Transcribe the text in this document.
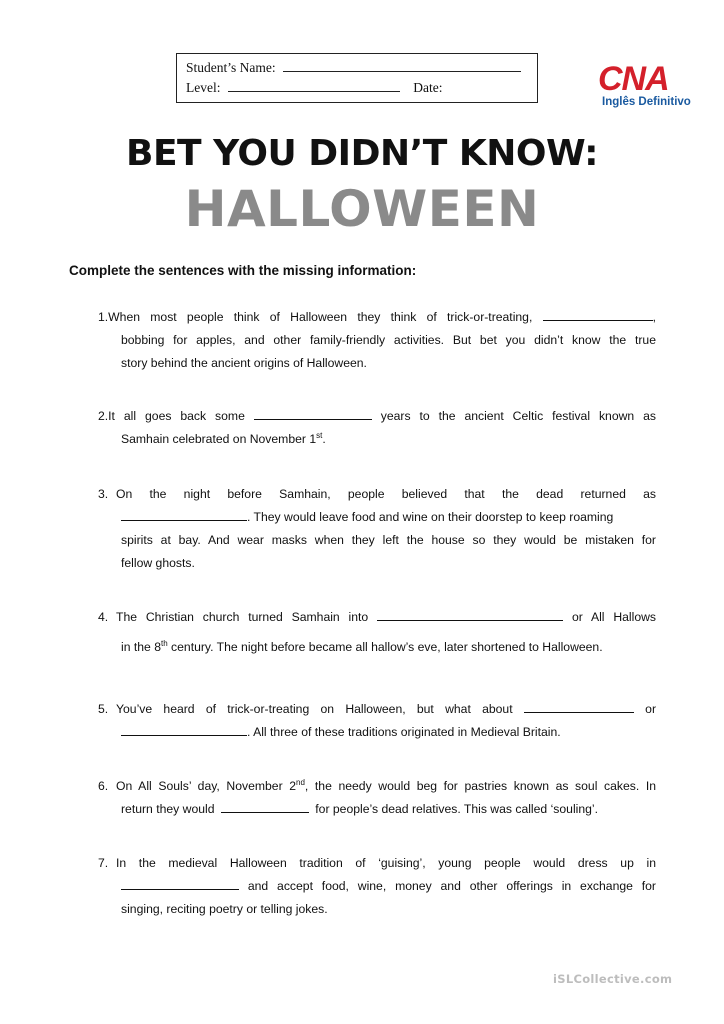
Student’s Name:
Level:	Date:	CNA
Inglês Definitivo
BET YOU DIDN’T KNOW:
HALLOWEEN
Complete the sentences with the missing information:
1.When most people think of Halloween they think of trick-or-treating,	,
bobbing for apples, and other family-friendly activities. But bet you didn’t know the true
story behind the ancient origins of Halloween.
2.It all goes back some	years to the ancient Celtic festival known as
Samhain celebrated on November 1st.
3. On the night before Samhain, people believed that the dead returned as
. They would leave food and wine on their doorstep to keep roaming
spirits at bay. And wear masks when they left the house so they would be mistaken for
fellow ghosts.
4. The Christian church turned Samhain into	or All Hallows
in the 8th century. The night before became all hallow’s eve, later shortened to Halloween.
5. You’ve heard of trick-or-treating on Halloween, but what about	or
. All three of these traditions originated in Medieval Britain.
6. On All Souls’ day, November 2nd, the needy would beg for pastries known as soul cakes. In
return they would	for people’s dead relatives. This was called ‘souling’.
7. In the medieval Halloween tradition of ‘guising’, young people would dress up in
and accept food, wine, money and other offerings in exchange for
singing, reciting poetry or telling jokes.
iSLCollective.com
